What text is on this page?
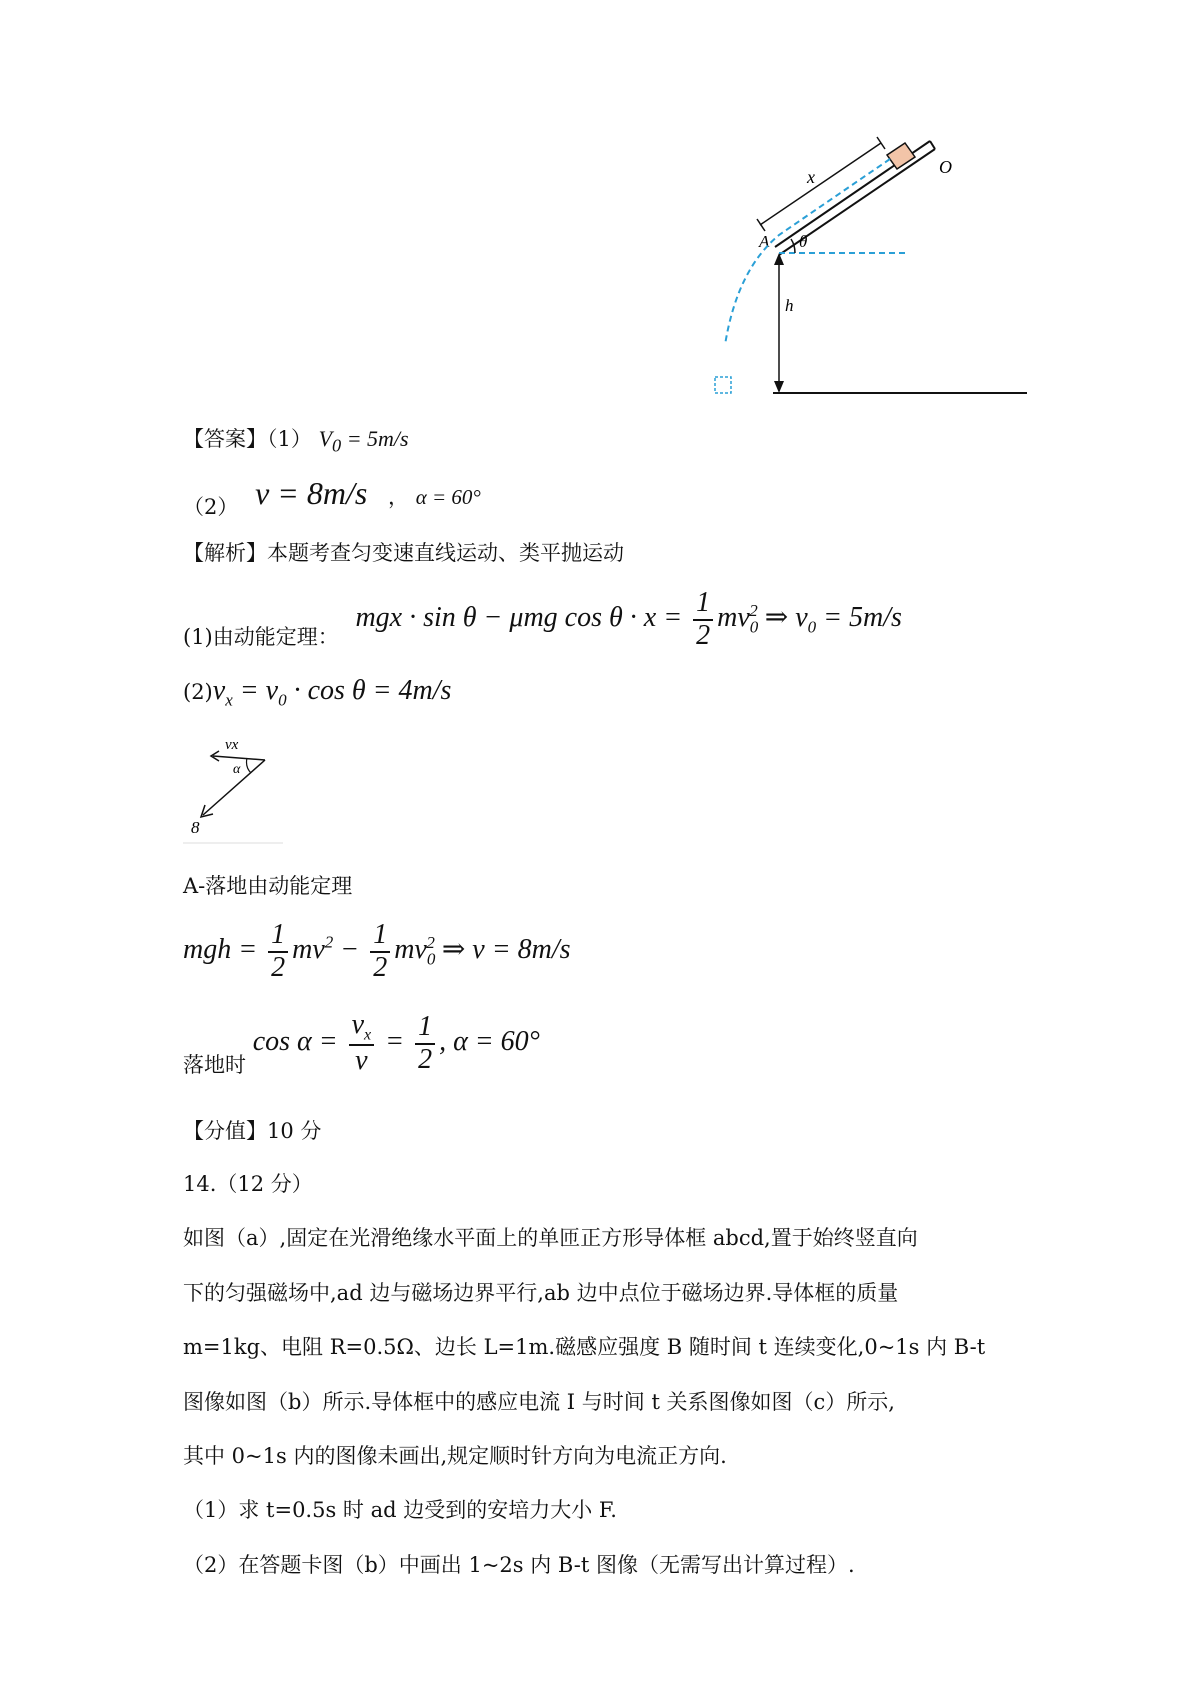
x	O
A θ
h
【答案】（1） $V_0 = 5m/s$
（2） v = 8m/s ， α = 60°
【解析】本题考查匀变速直线运动、类平抛运动
(1)由动能定理： mgx · sin θ − μmg $\cos \theta \cdot x = \frac{1}{2} mv_0^2$ ⇒ $v_0 = 5m/s$
$(2)v_x = v_0 \cdot \cos \theta = 4m/s$
vx
α
8
A-落地由动能定理
mgh = $\frac{1}{2} mv^2 - \frac{1}{2} mv_0^2$ ⇒ v = 8m/s
落地时 $\cos \alpha = \frac{v_x}{v} = \frac{1}{2}$ , α = 60°
【分值】10 分
14.（12 分）
如图（a）,固定在光滑绝缘水平面上的单匝正方形导体框 abcd,置于始终竖直向
下的匀强磁场中,ad 边与磁场边界平行,ab 边中点位于磁场边界.导体框的质量
m=1kg、电阻 R=0.5Ω、边长 L=1m.磁感应强度 B 随时间 t 连续变化,0~1s 内 B-t
图像如图（b）所示.导体框中的感应电流 I 与时间 t 关系图像如图（c）所示,
其中 0~1s 内的图像未画出,规定顺时针方向为电流正方向.
（1）求 t=0.5s 时 ad 边受到的安培力大小 F.
（2）在答题卡图（b）中画出 1~2s 内 B-t 图像（无需写出计算过程）.
